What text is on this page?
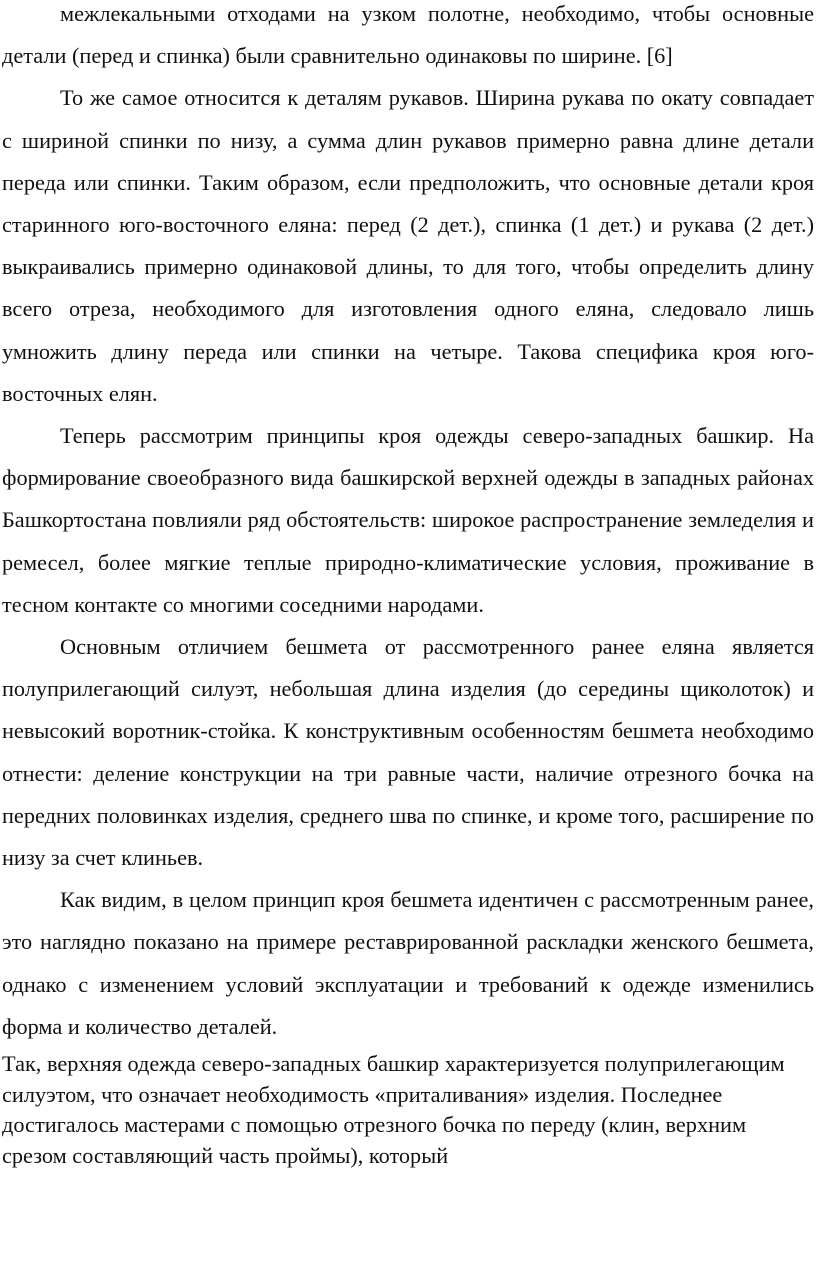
межлекальными отходами на узком полотне, необходимо, чтобы основные детали (перед и спинка) были сравнительно одинаковы по ширине. [6]

То же самое относится к деталям рукавов. Ширина рукава по окату совпадает с шириной спинки по низу, а сумма длин рукавов примерно равна длине детали переда или спинки. Таким образом, если предположить, что основные детали кроя старинного юго-восточного еляна: перед (2 дет.), спинка (1 дет.) и рукава (2 дет.) выкраивались примерно одинаковой длины, то для того, чтобы определить длину всего отреза, необходимого для изготовления одного еляна, следовало лишь умножить длину переда или спинки на четыре. Такова специфика кроя юго-восточных елян.

Теперь рассмотрим принципы кроя одежды северо-западных башкир. На формирование своеобразного вида башкирской верхней одежды в западных районах Башкортостана повлияли ряд обстоятельств: широкое распространение земледелия и ремесел, более мягкие теплые природно-климатические условия, проживание в тесном контакте со многими соседними народами.

Основным отличием бешмета от рассмотренного ранее еляна является полуприлегающий силуэт, небольшая длина изделия (до середины щиколоток) и невысокий воротник-стойка. К конструктивным особенностям бешмета необходимо отнести: деление конструкции на три равные части, наличие отрезного бочка на передних половинках изделия, среднего шва по спинке, и кроме того, расширение по низу за счет клиньев.

Как видим, в целом принцип кроя бешмета идентичен с рассмотренным ранее, это наглядно показано на примере реставрированной раскладки женского бешмета, однако с изменением условий эксплуатации и требований к одежде изменились форма и количество деталей.

Так, верхняя одежда северо-западных башкир характеризуется полуприлегающим силуэтом, что означает необходимость «приталивания» изделия. Последнее достигалось мастерами с помощью отрезного бочка по переду (клин, верхним срезом составляющий часть проймы), который
